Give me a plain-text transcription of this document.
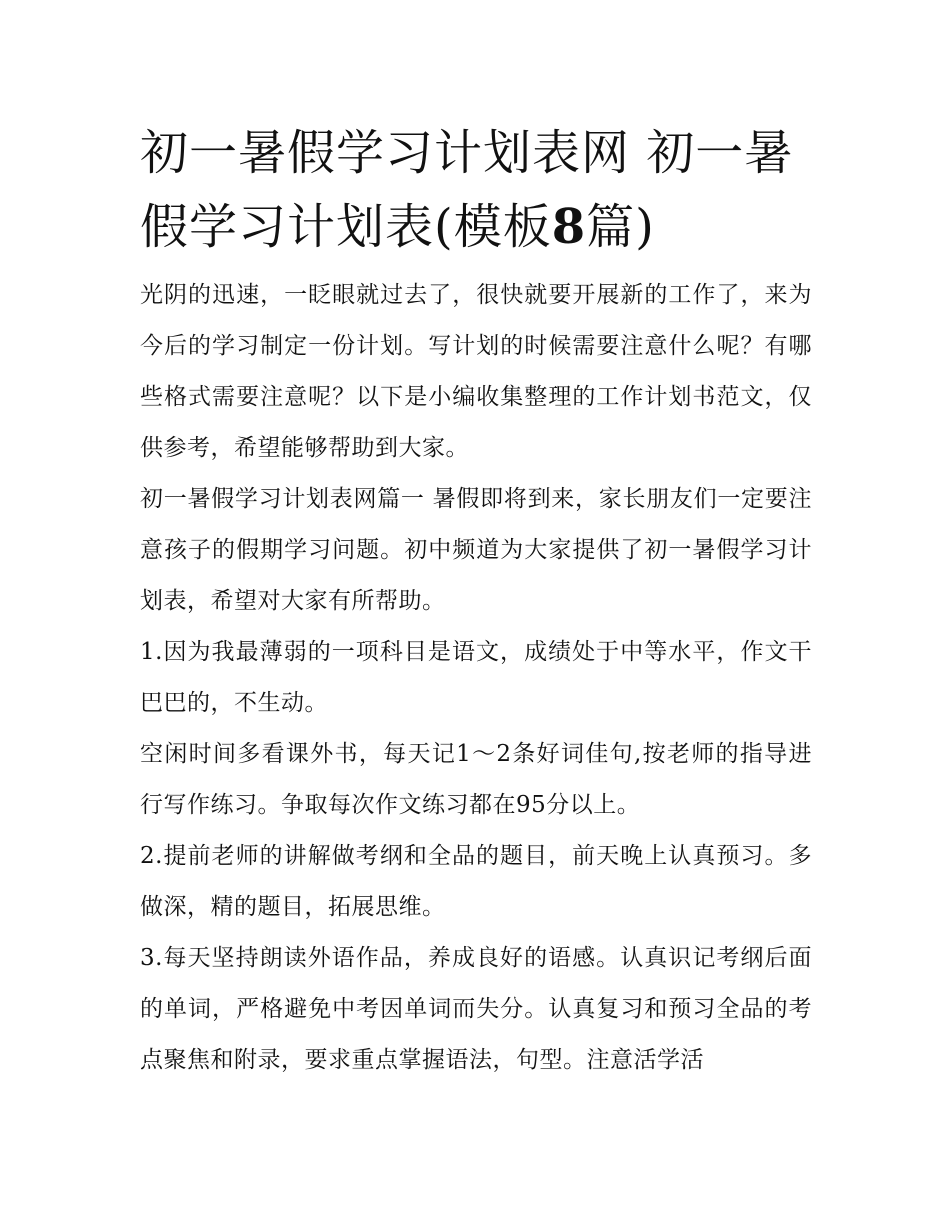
初一暑假学习计划表网 初一暑假学习计划表(模板8篇)

光阴的迅速，一眨眼就过去了，很快就要开展新的工作了，来为今后的学习制定一份计划。写计划的时候需要注意什么呢？有哪些格式需要注意呢？以下是小编收集整理的工作计划书范文，仅供参考，希望能够帮助到大家。

初一暑假学习计划表网篇一 暑假即将到来，家长朋友们一定要注意孩子的假期学习问题。初中频道为大家提供了初一暑假学习计划表，希望对大家有所帮助。

1.因为我最薄弱的一项科目是语文，成绩处于中等水平，作文干巴巴的，不生动。

空闲时间多看课外书，每天记1～2条好词佳句,按老师的指导进行写作练习。争取每次作文练习都在95分以上。

2.提前老师的讲解做考纲和全品的题目，前天晚上认真预习。多做深，精的题目，拓展思维。

3.每天坚持朗读外语作品，养成良好的语感。认真识记考纲后面的单词，严格避免中考因单词而失分。认真复习和预习全品的考点聚焦和附录，要求重点掌握语法，句型。注意活学活
